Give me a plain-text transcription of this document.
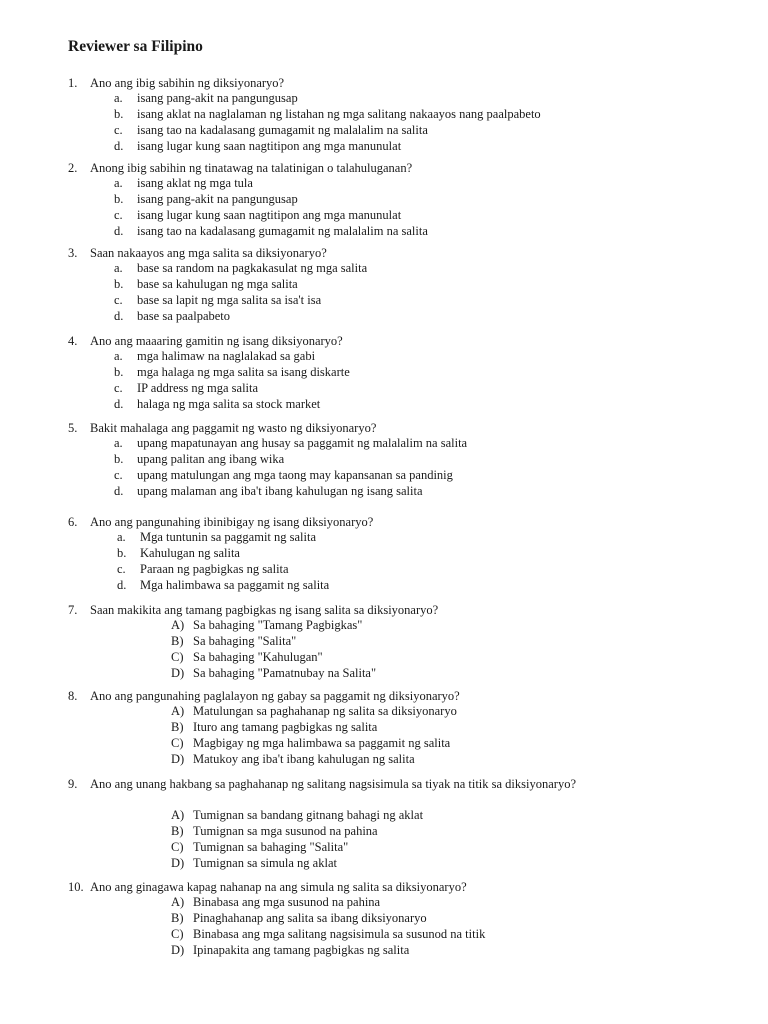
Reviewer sa Filipino
1. Ano ang ibig sabihin ng diksiyonaryo?
a. isang pang-akit na pangungusap
b. isang aklat na naglalaman ng listahan ng mga salitang nakaayos nang paalpabeto
c. isang tao na kadalasang gumagamit ng malalalim na salita
d. isang lugar kung saan nagtitipon ang mga manunulat
2. Anong ibig sabihin ng tinatawag na talatinigan o talahuluganan?
a. isang aklat ng mga tula
b. isang pang-akit na pangungusap
c. isang lugar kung saan nagtitipon ang mga manunulat
d. isang tao na kadalasang gumagamit ng malalalim na salita
3. Saan nakaayos ang mga salita sa diksiyonaryo?
a. base sa random na pagkakasulat ng mga salita
b. base sa kahulugan ng mga salita
c. base sa lapit ng mga salita sa isa't isa
d. base sa paalpabeto
4. Ano ang maaaring gamitin ng isang diksiyonaryo?
a. mga halimaw na naglalakad sa gabi
b. mga halaga ng mga salita sa isang diskarte
c. IP address ng mga salita
d. halaga ng mga salita sa stock market
5. Bakit mahalaga ang paggamit ng wasto ng diksiyonaryo?
a. upang mapatunayan ang husay sa paggamit ng malalalim na salita
b. upang palitan ang ibang wika
c. upang matulungan ang mga taong may kapansanan sa pandinig
d. upang malaman ang iba't ibang kahulugan ng isang salita
6. Ano ang pangunahing ibinibigay ng isang diksiyonaryo?
a. Mga tuntunin sa paggamit ng salita
b. Kahulugan ng salita
c. Paraan ng pagbigkas ng salita
d. Mga halimbawa sa paggamit ng salita
7. Saan makikita ang tamang pagbigkas ng isang salita sa diksiyonaryo?
A) Sa bahaging "Tamang Pagbigkas"
B) Sa bahaging "Salita"
C) Sa bahaging "Kahulugan"
D) Sa bahaging "Pamatnubay na Salita"
8. Ano ang pangunahing paglalayon ng gabay sa paggamit ng diksiyonaryo?
A) Matulungan sa paghahanap ng salita sa diksiyonaryo
B) Ituro ang tamang pagbigkas ng salita
C) Magbigay ng mga halimbawa sa paggamit ng salita
D) Matukoy ang iba't ibang kahulugan ng salita
9. Ano ang unang hakbang sa paghahanap ng salitang nagsisimula sa tiyak na titik sa diksiyonaryo?
A) Tumignan sa bandang gitnang bahagi ng aklat
B) Tumignan sa mga susunod na pahina
C) Tumignan sa bahaging "Salita"
D) Tumignan sa simula ng aklat
10. Ano ang ginagawa kapag nahanap na ang simula ng salita sa diksiyonaryo?
A) Binabasa ang mga susunod na pahina
B) Pinaghahanap ang salita sa ibang diksiyonaryo
C) Binabasa ang mga salitang nagsisimula sa susunod na titik
D) Ipinapakita ang tamang pagbigkas ng salita
